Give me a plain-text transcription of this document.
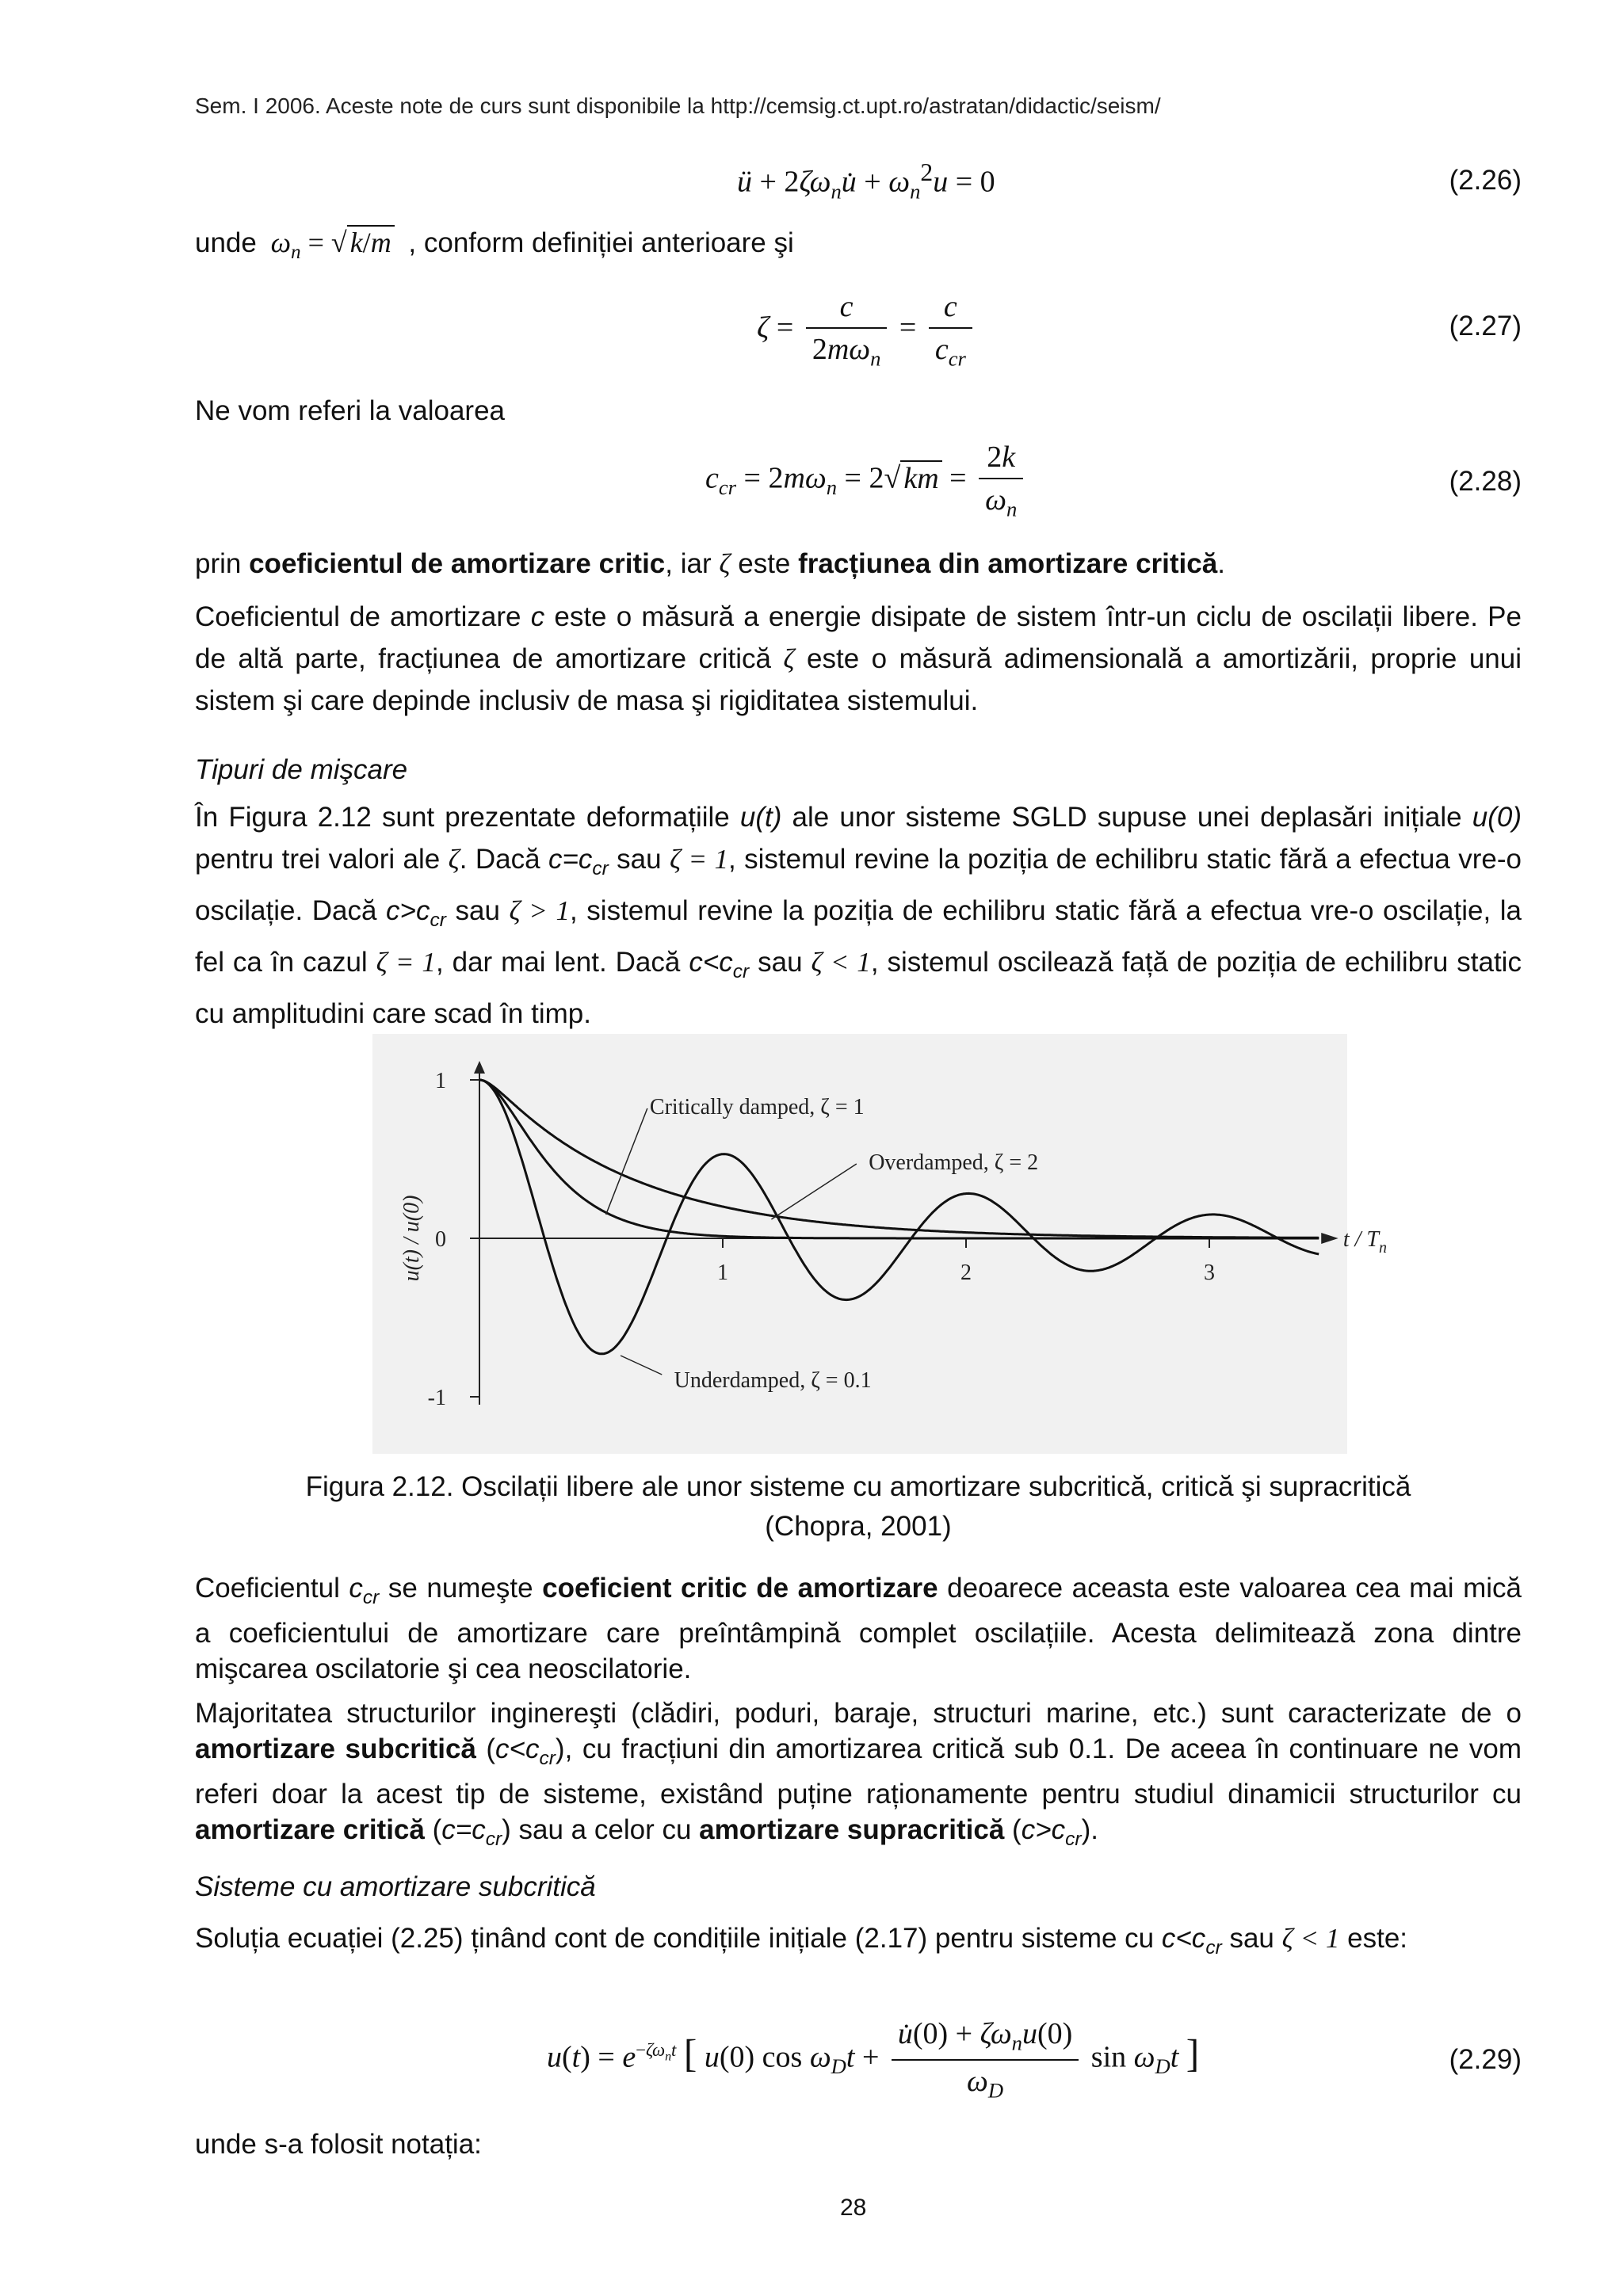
Sem. I 2006. Aceste note de curs sunt disponibile la http://cemsig.ct.upt.ro/astratan/didactic/seism/
ü + $2\zeta\omega_nu̇ + \omega_n^2u = 0$	(2.26)
unde $\omega_n$ = √ k/m , conform definiției anterioare şi
$\zeta = \frac{c}{2m\omega_n} = \frac{c}{c_{cr}}$	(2.27)
Ne vom referi la valoarea
$c_{cr} = 2m\omega_n = 2√$ km = $\frac{2k}{\omega_n}$	(2.28)
prin coeficientul de amortizare critic, iar ζ este fracțiunea din amortizare critică.

Coeficientul de amortizare c este o măsură a energie disipate de sistem într-un ciclu de oscilații libere. Pe de altă parte, fracțiunea de amortizare critică ζ este o măsură adimensională a amortizării, proprie unui sistem şi care depinde inclusiv de masa şi rigiditatea sistemului.

Tipuri de mişcare

În Figura 2.12 sunt prezentate deformațiile u(t) ale unor sisteme SGLD supuse unei deplasări inițiale u(0) pentru trei valori ale ζ. Dacă $c=c_{cr}$ sau ζ = 1, sistemul revine la poziția de echilibru static fără a efectua vre-o oscilație. Dacă $c>c_{cr}$ sau ζ > 1, sistemul revine la poziția de echilibru static fără a efectua vre-o oscilație, la fel ca în cazul ζ = 1, dar mai lent. Dacă $c<c_{cr}$ sau ζ < 1, sistemul oscilează față de poziția de echilibru static cu amplitudini care scad în timp.

1
0
-1
1	2	3
t / $T_n$
u(t) / u(0)
Critically damped, ζ = 1
Overdamped, ζ = 2
Underdamped, ζ = 0.1
Figura 2.12. Oscilații libere ale unor sisteme cu amortizare subcritică, critică şi supracritică
(Chopra, 2001)

Coeficientul $c_{cr}$ se numeşte coeficient critic de amortizare deoarece aceasta este valoarea cea mai mică a coeficientului de amortizare care preîntâmpină complet oscilațiile. Acesta delimitează zona dintre mişcarea oscilatorie şi cea neoscilatorie.

Majoritatea structurilor inginereşti (clădiri, poduri, baraje, structuri marine, etc.) sunt caracterizate de o amortizare subcritică $(c<c_{cr})$, cu fracțiuni din amortizarea critică sub 0.1. De aceea în continuare ne vom referi doar la acest tip de sisteme, existând puține raționamente pentru studiul dinamicii structurilor cu amortizare critică $(c=c_{cr})$ sau a celor cu amortizare supracritică $(c>c_{cr})$.

Sisteme cu amortizare subcritică

Soluția ecuației (2.25) ținând cont de condițiile inițiale (2.17) pentru sisteme cu $c<c_{cr}$ sau ζ < 1 este:

$u(t) = e^{-\zeta\omega_nt}$ [ u(0) $\cos \omega_Dt + \frac{u̇(0) + \zeta\omega_nu(0)}{\omega_D}$ $\sin \omega_Dt$ ]	(2.29)
unde s-a folosit notația:
28
